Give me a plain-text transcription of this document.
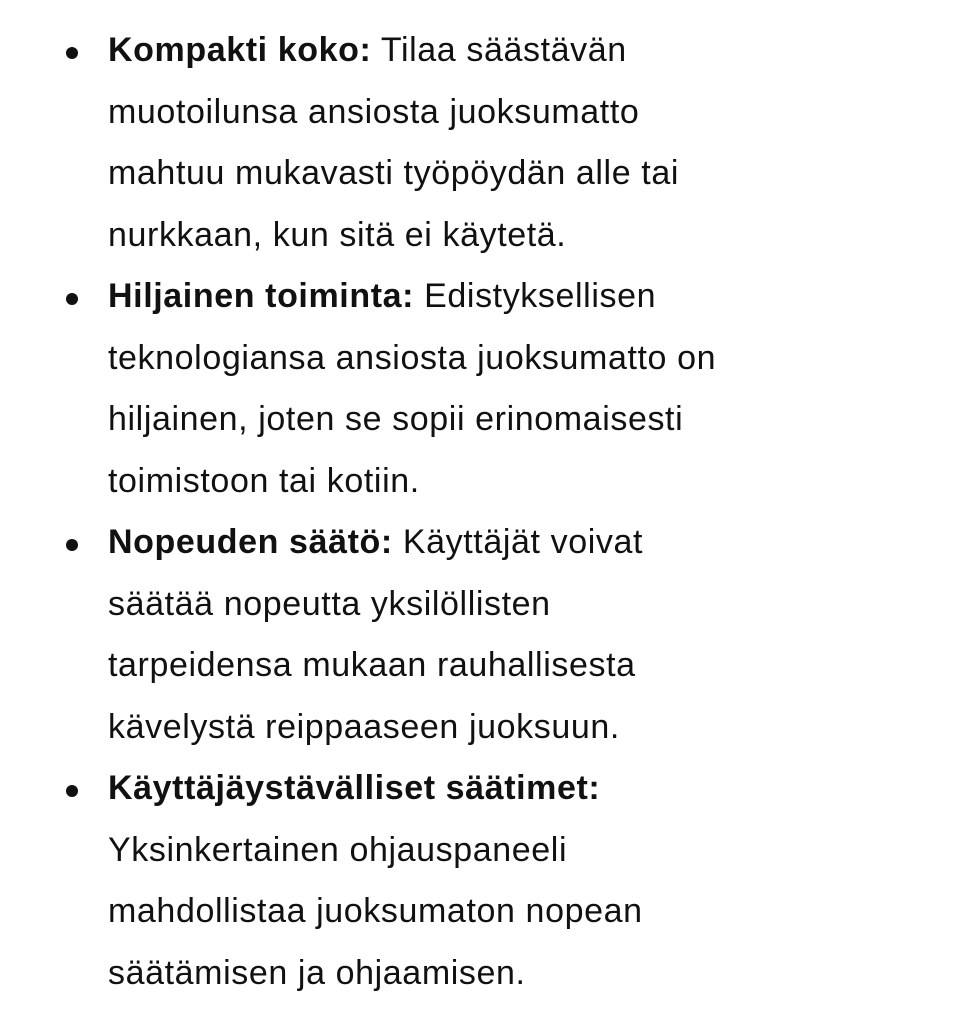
Kompakti koko: Tilaa säästävän
muotoilunsa ansiosta juoksumatto
mahtuu mukavasti työpöydän alle tai
nurkkaan, kun sitä ei käytetä.
Hiljainen toiminta: Edistyksellisen
teknologiansa ansiosta juoksumatto on
hiljainen, joten se sopii erinomaisesti
toimistoon tai kotiin.
Nopeuden säätö: Käyttäjät voivat
säätää nopeutta yksilöllisten
tarpeidensa mukaan rauhallisesta
kävelystä reippaaseen juoksuun.
Käyttäjäystävälliset säätimet:
Yksinkertainen ohjauspaneeli
mahdollistaa juoksumaton nopean
säätämisen ja ohjaamisen.
